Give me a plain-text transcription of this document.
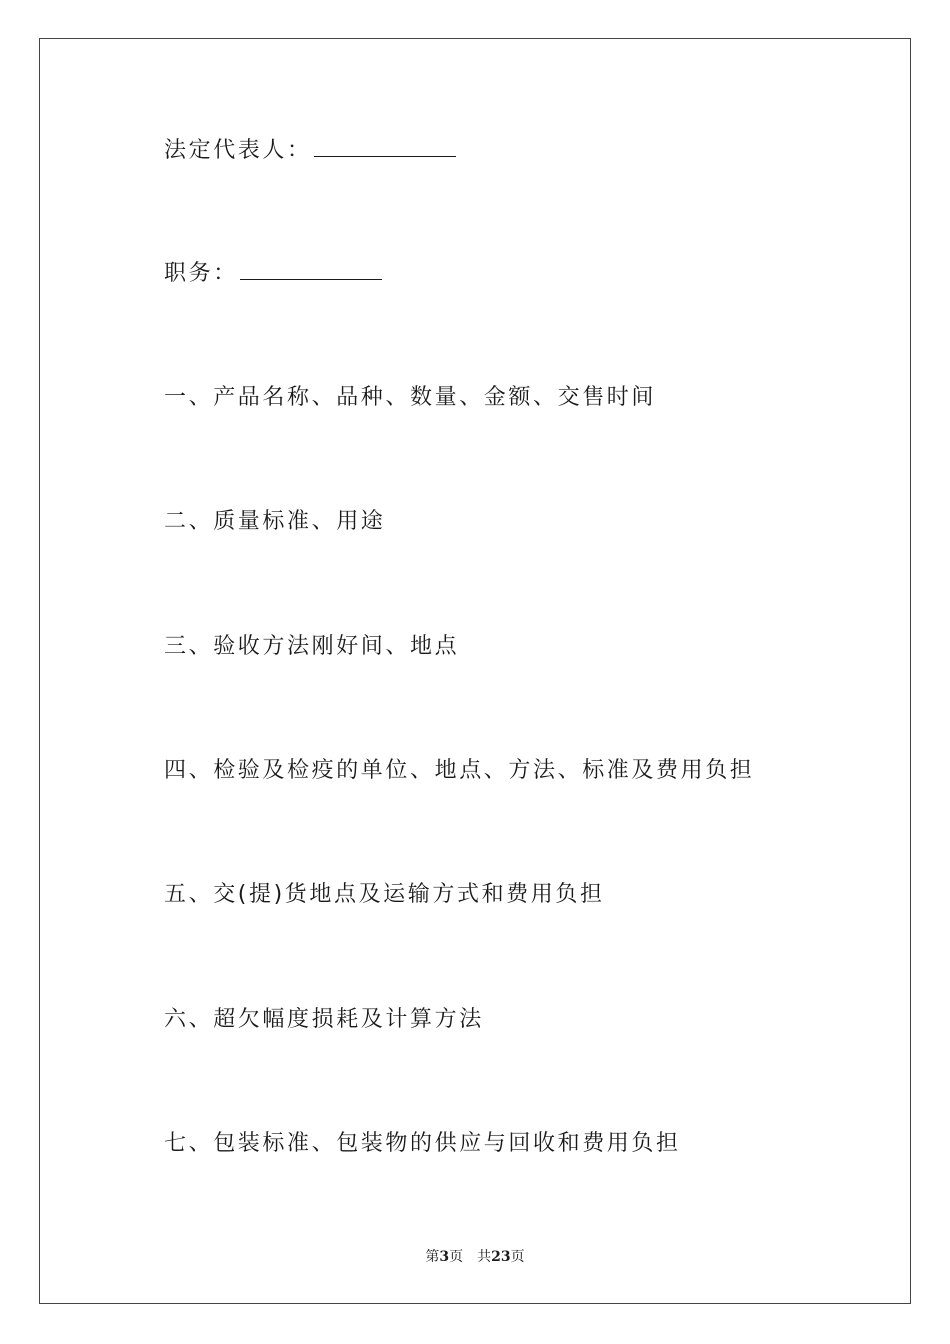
法定代表人：
职务：
一、产品名称、品种、数量、金额、交售时间
二、质量标准、用途
三、验收方法刚好间、地点
四、检验及检疫的单位、地点、方法、标准及费用负担
五、交(提)货地点及运输方式和费用负担
六、超欠幅度损耗及计算方法
七、包装标准、包装物的供应与回收和费用负担
第3页 共23页
